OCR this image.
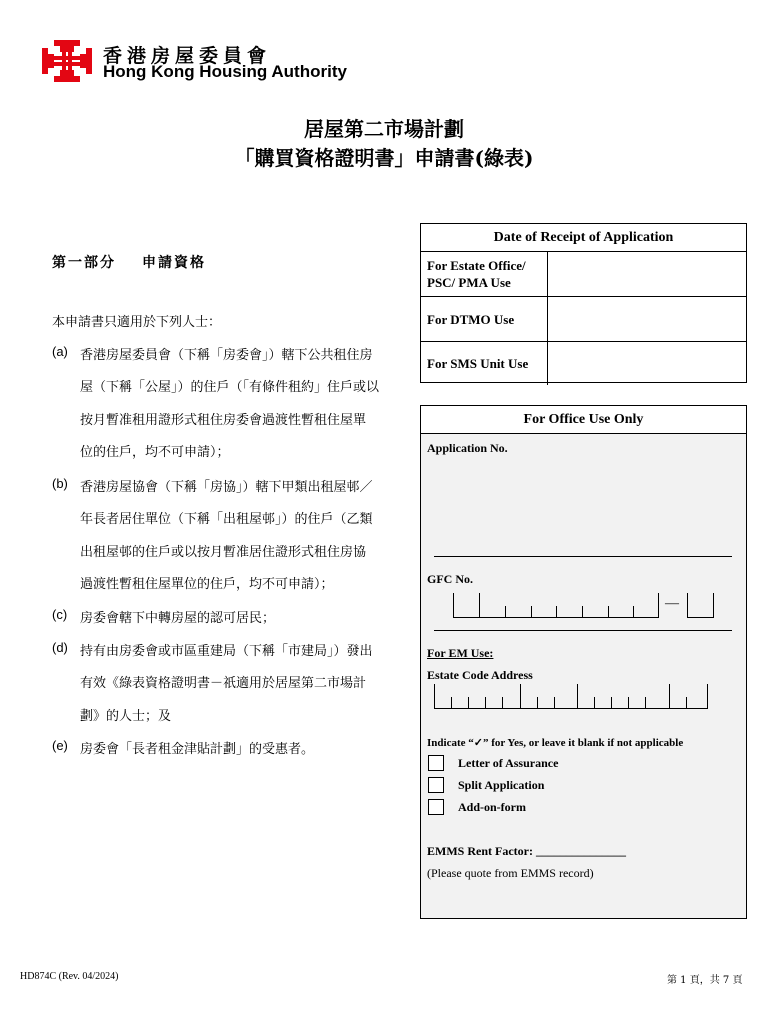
香港房屋委員會
Hong Kong Housing Authority
居屋第二市場計劃
「購買資格證明書」申請書(綠表)
第一部分 申請資格
本申請書只適用於下列人士：
(a) 香港房屋委員會（下稱「房委會」）轄下公共租住房
屋（下稱「公屋」）的住戶（「有條件租約」住戶或以
按月暫准租用證形式租住房委會過渡性暫租住屋單
位的住戶，均不可申請）；
(b) 香港房屋協會（下稱「房協」）轄下甲類出租屋邨／
年長者居住單位（下稱「出租屋邨」）的住戶（乙類
出租屋邨的住戶或以按月暫准居住證形式租住房協
過渡性暫租住屋單位的住戶，均不可申請）；
(c) 房委會轄下中轉房屋的認可居民；
(d) 持有由房委會或市區重建局（下稱「市建局」）發出
有效《綠表資格證明書－祇適用於居屋第二市場計
劃》的人士；及
(e) 房委會「長者租金津貼計劃」的受惠者。
Date of Receipt of Application
For Estate Office/ PSC/ PMA Use
For DTMO Use
For SMS Unit Use
For Office Use Only
Application No.
GFC No.
—
For EM Use:
Estate Code Address
Indicate “✓” for Yes, or leave it blank if not applicable
Letter of Assurance
Split Application
Add-on-form
EMMS Rent Factor: _______________
(Please quote from EMMS record)
HD874C (Rev. 04/2024)	第 1 頁，共 7 頁
